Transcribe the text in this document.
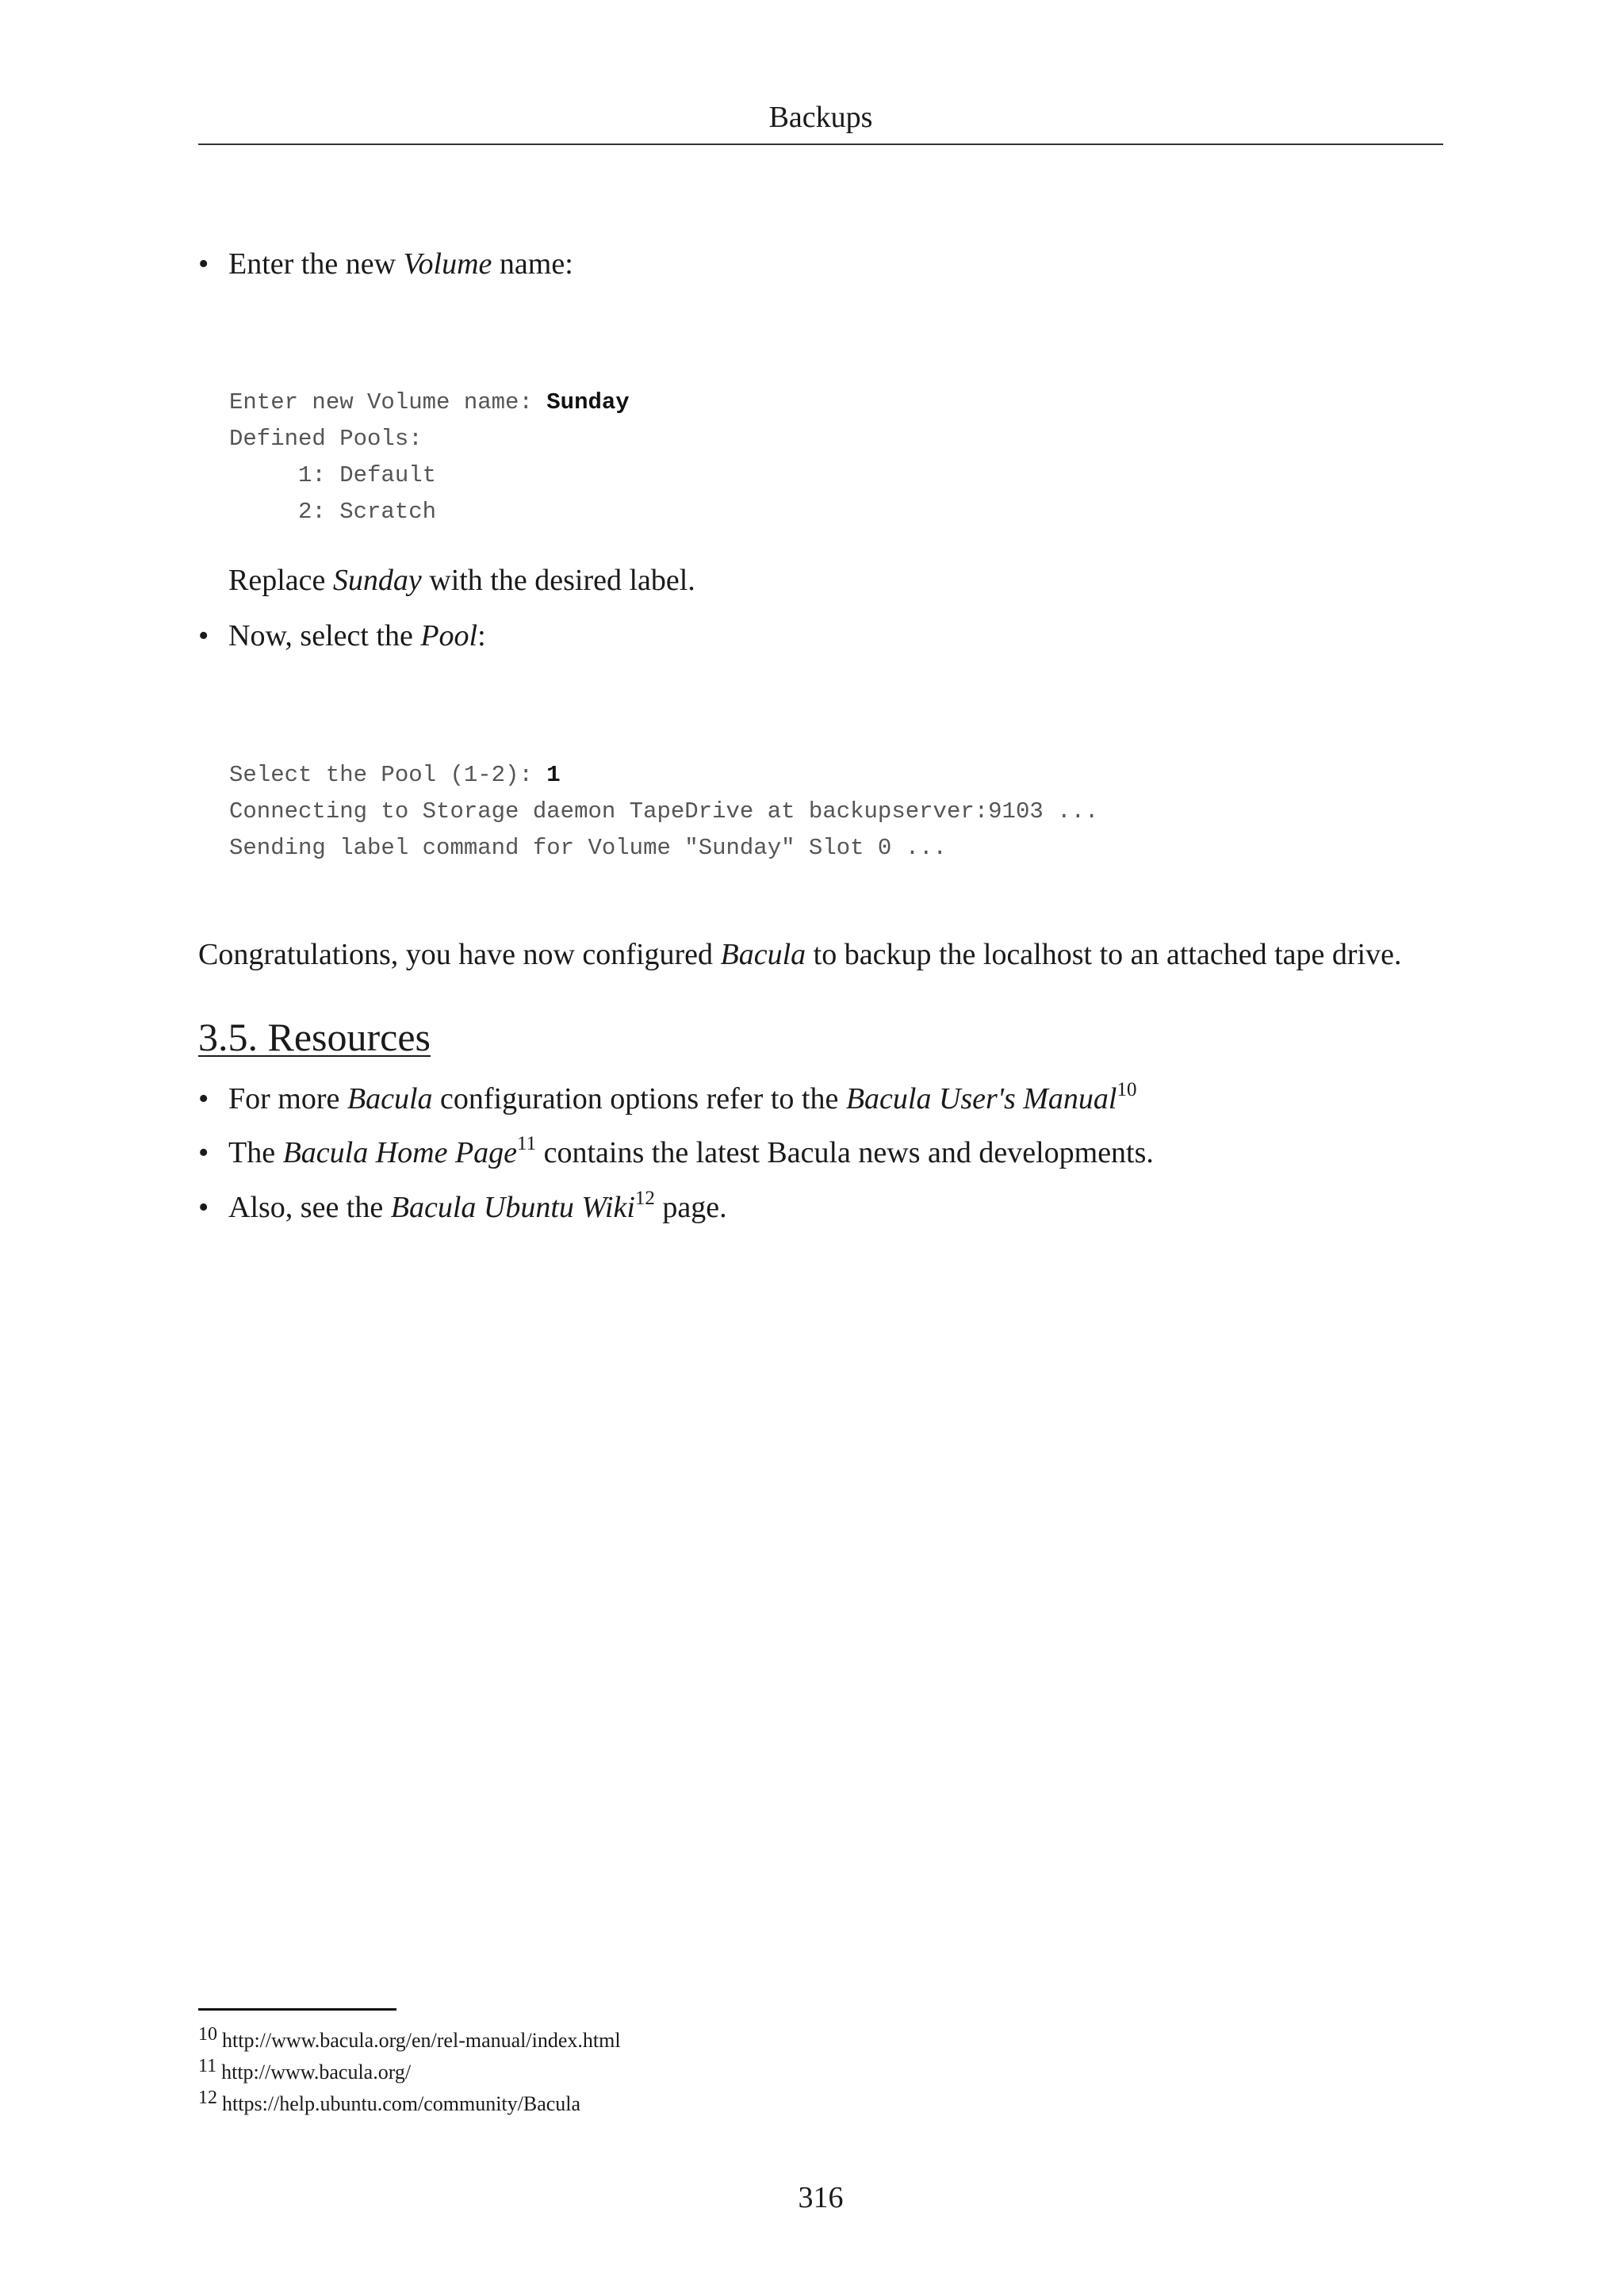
Backups
• Enter the new Volume name:
Enter new Volume name: Sunday
Defined Pools:
1: Default
2: Scratch
Replace Sunday with the desired label.
• Now, select the Pool:
Select the Pool (1-2): 1
Connecting to Storage daemon TapeDrive at backupserver:9103 ...
Sending label command for Volume "Sunday" Slot 0 ...
Congratulations, you have now configured Bacula to backup the localhost to an attached tape drive.
3.5. Resources
• For more Bacula configuration options refer to the Bacula User's Manual$^{10}$
• The Bacula Home Page$^{11}$ contains the latest Bacula news and developments.
• Also, see the Bacula Ubuntu Wiki$^{12}$ page.
$^{10}$ http://www.bacula.org/en/rel-manual/index.html
$^{11}$ http://www.bacula.org/
$^{12}$ https://help.ubuntu.com/community/Bacula
316
